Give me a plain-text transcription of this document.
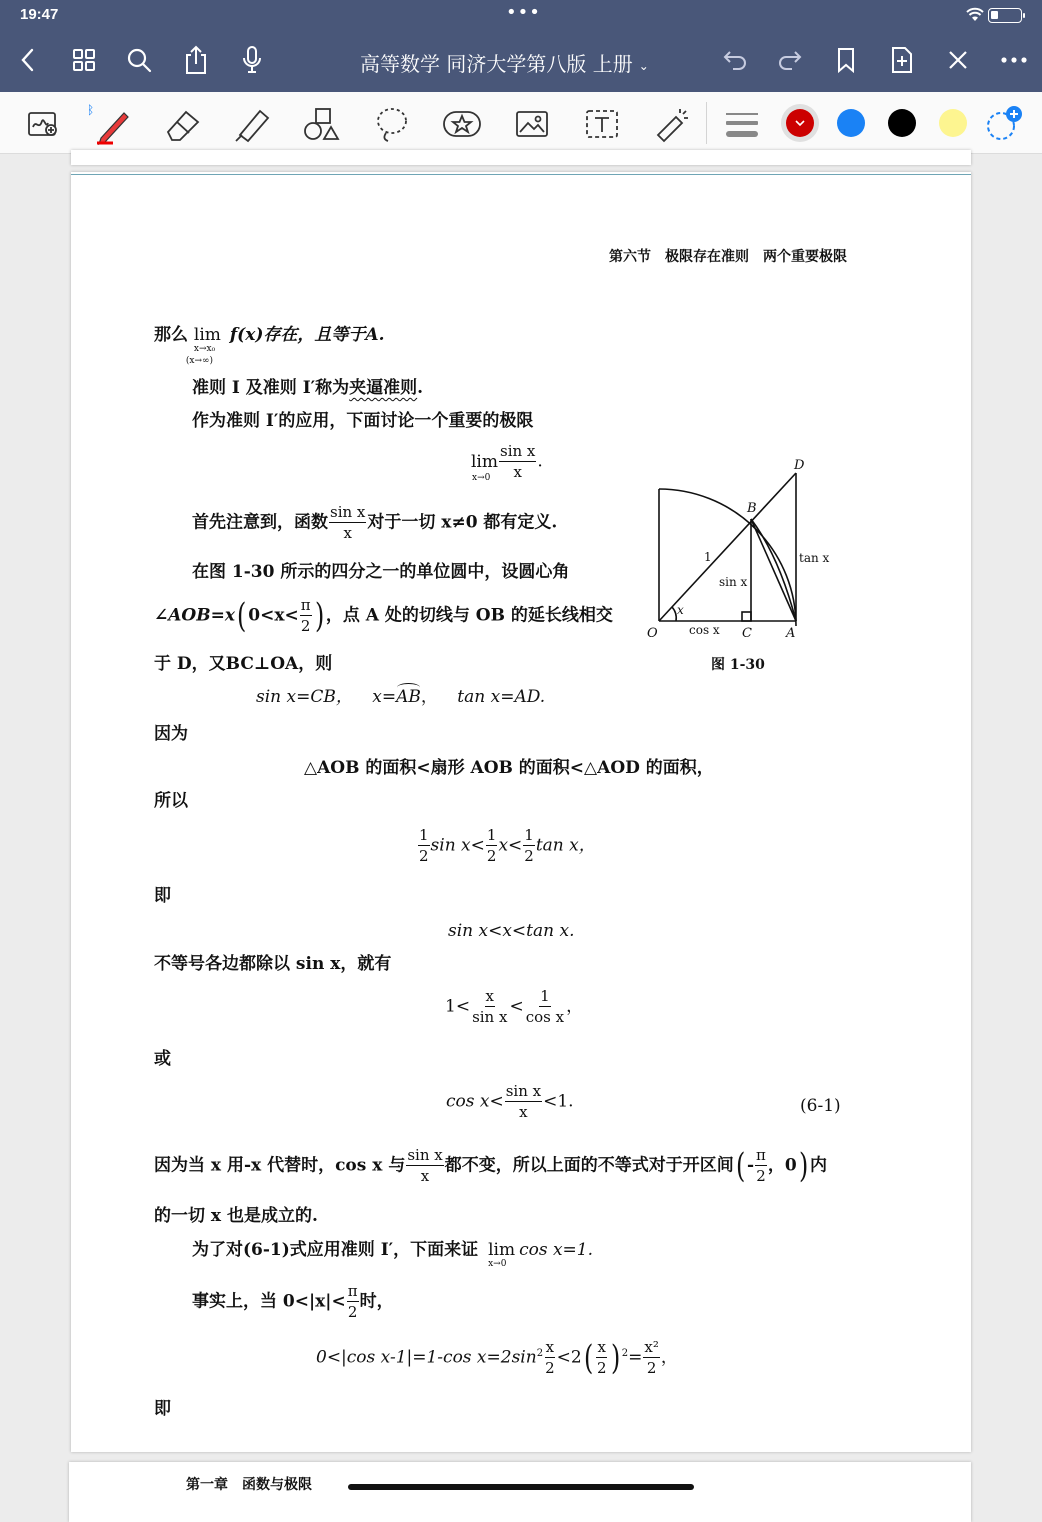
19:47	•••
高等数学 同济大学第八版 上册 ⌄
ᛒ
第六节　 极限存在准则　两个重要极限
那么 lim
x→x₀
(x→∞)
f(x)存在，且等于A.
准则 I 及准则 I′称为夹逼准则.
作为准则 I′的应用，下面讨论一个重要的极限
lim
$x\to 0 \frac{\text{sin x}}{x}$ .
首先注意到，函数 $\frac{\text{sin x}}{x}$ 对于一切 x≠0 都有定义.
在图 1-30 所示的四分之一的单位圆中，设圆心角
∠AOB=x( $0<x< \frac{\pi}{2}$ ) ，点 A 处的切线与 OB 的延长线相交
于 D，又BC⊥OA，则
sin x=CB， x=AB， tan x=AD.
因为
△AOB 的面积<扇形 AOB 的面积<△AOD 的面积，
所以
$\frac{1}{2}$ $\sin x< \frac{1}{2} x< \frac{1}{2}$ tan x，
即
sin x<x<tan x.
不等号各边都除以 sin x，就有
$1< \frac{x}{\text{sin x}} < \frac{1}{\text{cos x}}$ ，
或
$\cos x< \frac{\text{sin x}}{x} <1$.	(6-1)
因为当 x 用-x 代替时，cos x 与 $\frac{\text{sin x}}{x}$ 都不变，所以上面的不等式对于开区间( - $\frac{\pi}{2}$ ，0) 内
的一切 x 也是成立的.
为了对(6-1)式应用准则 I′，下面来证 lim
x→0
cos x=1.
事实上，当 $0<|x|< \frac{\pi}{2}$ 时，
0<|cos x-1|=1-cos $x=2\sin^2 \frac{x}{2} <2( \frac{x}{2}$ ) $^2= \frac{\text{x²}}{2}$ ，
即
D
B
O	C	A
1
sin x
tan x
cos x
x
图 1-30
第一章　 函数与极限
